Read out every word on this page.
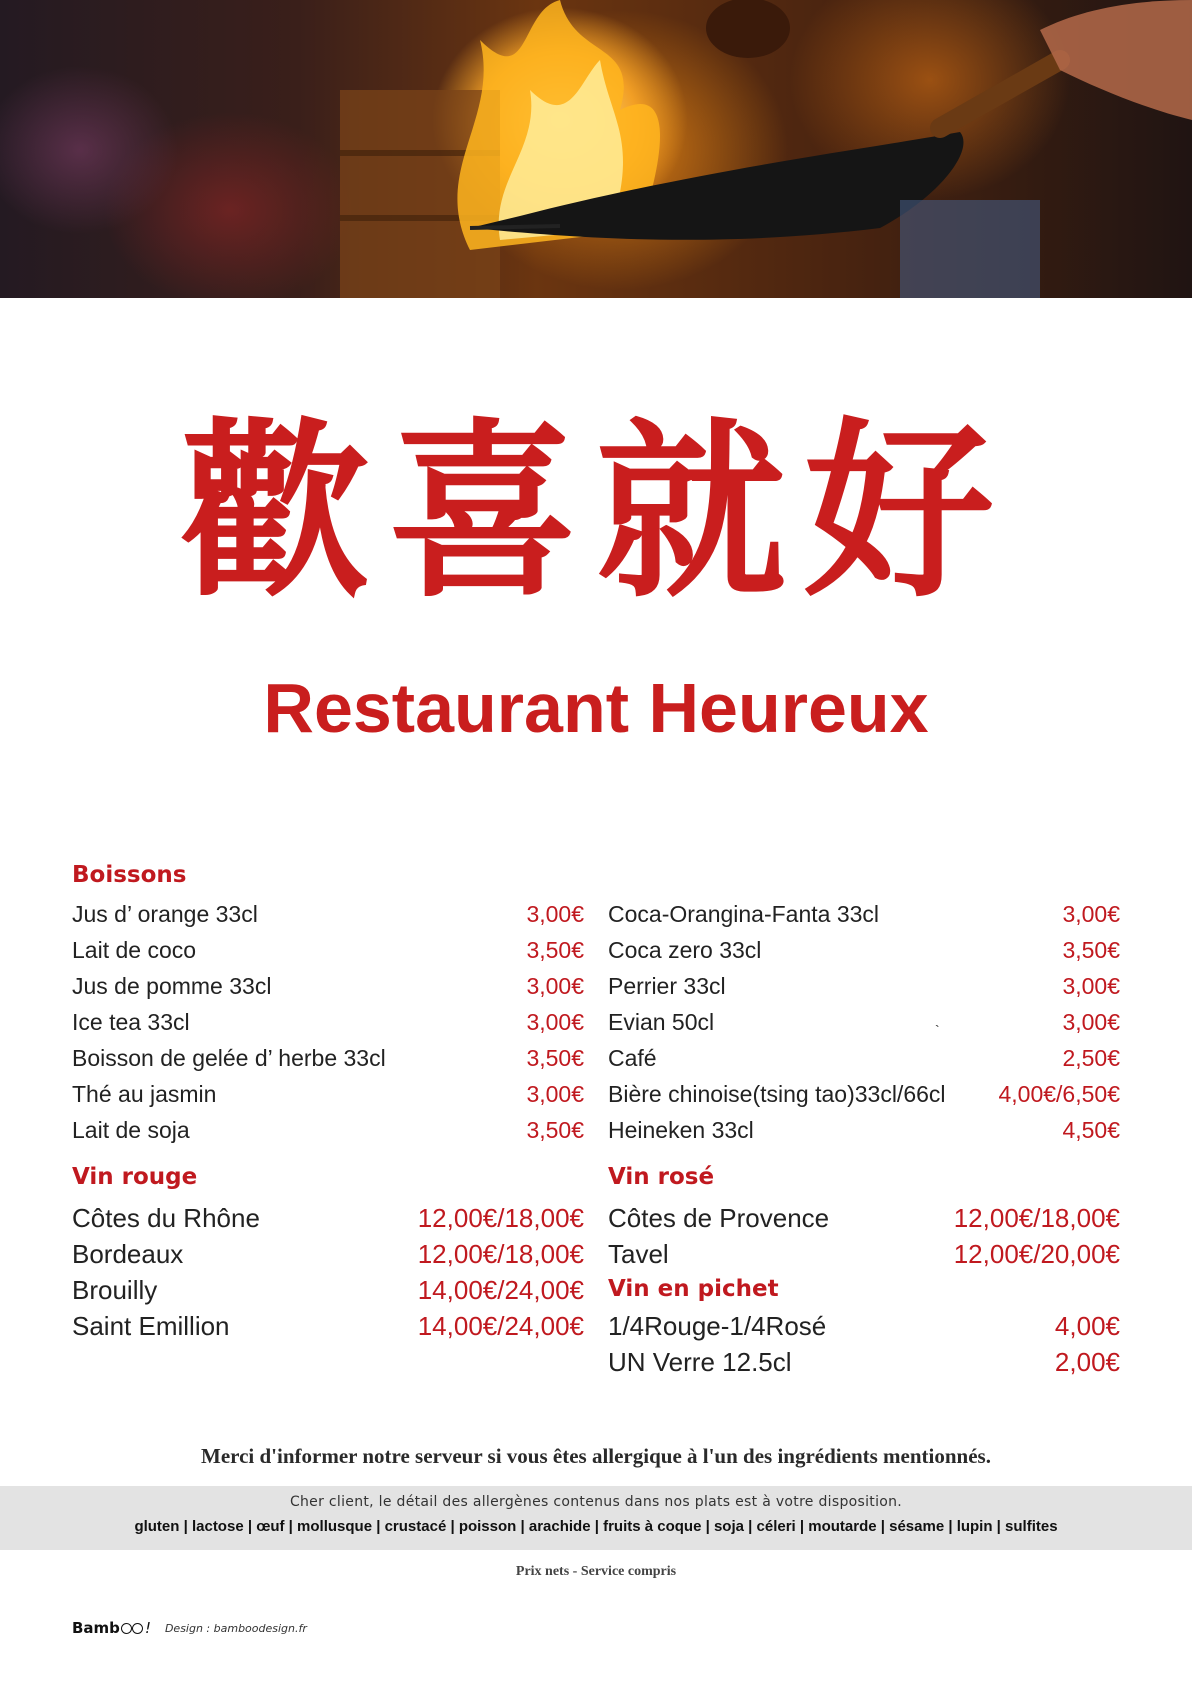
歡喜就好
Restaurant Heureux
Boissons
Jus d’ orange 33cl	3,00€
Lait de coco	3,50€
Jus de pomme 33cl	3,00€
Ice tea 33cl	3,00€
Boisson de gelée d’ herbe 33cl	3,50€
Thé au jasmin	3,00€
Lait de soja	3,50€
Vin rouge
Côtes du Rhône	12,00€/18,00€
Bordeaux	12,00€/18,00€
Brouilly	14,00€/24,00€
Saint Emillion	14,00€/24,00€
Coca-Orangina-Fanta 33cl	3,00€
Coca zero 33cl	3,50€
Perrier 33cl	3,00€
Evian 50cl	3,00€
Café	2,50€
Bière chinoise(tsing tao)33cl/66cl 4,00€/6,50€
Heineken 33cl	4,50€
Vin rosé
Côtes de Provence	12,00€/18,00€
Tavel	12,00€/20,00€
Vin en pichet
1/4Rouge-1/4Rosé	4,00€
UN Verre 12.5cl	2,00€
`
Merci d'informer notre serveur si vous êtes allergique à l'un des ingrédients mentionnés.
Cher client, le détail des allergènes contenus dans nos plats est à votre disposition.
gluten | lactose | œuf | mollusque | crustacé | poisson | arachide | fruits à coque | soja | céleri | moutarde | sésame | lupin | sulfites
Prix nets - Service compris
Bamb ! Design : bamboodesign.fr
